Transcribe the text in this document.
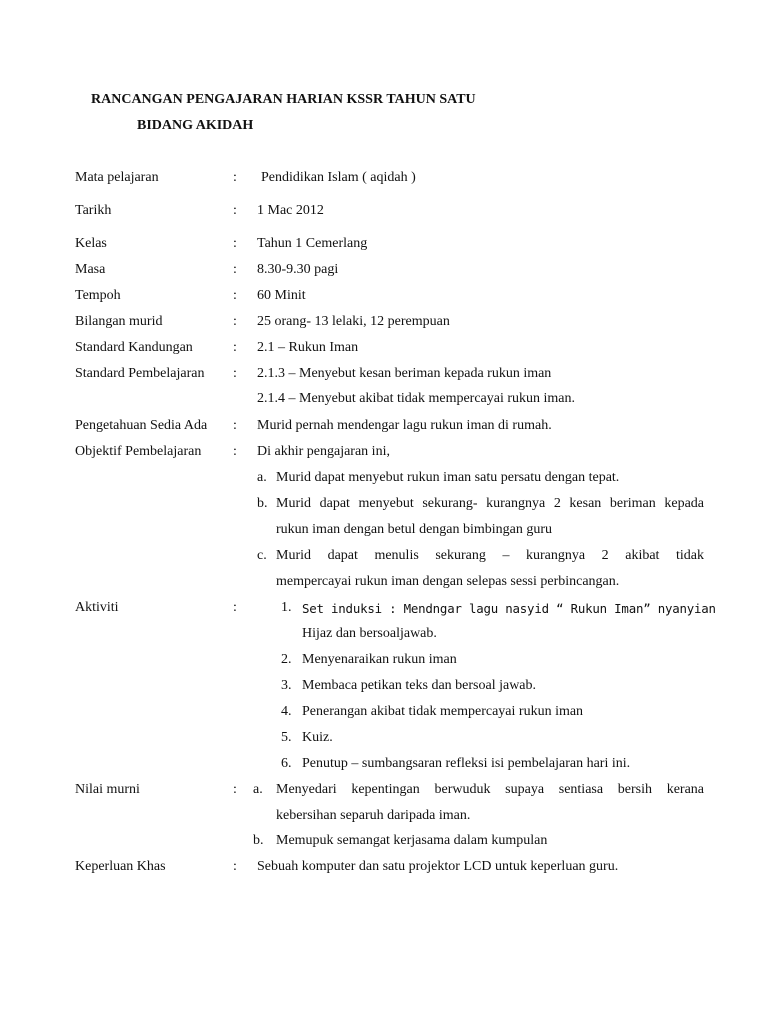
RANCANGAN PENGAJARAN HARIAN KSSR TAHUN SATU
BIDANG AKIDAH
Mata pelajaran	: Pendidikan Islam ( aqidah )
Tarikh	: 1 Mac 2012
Kelas	: Tahun 1 Cemerlang
Masa	: 8.30-9.30 pagi
Tempoh	: 60 Minit
Bilangan murid	: 25 orang- 13 lelaki, 12 perempuan
Standard Kandungan	: 2.1 – Rukun Iman
Standard Pembelajaran : 2.1.3 – Menyebut kesan beriman kepada rukun iman
2.1.4 – Menyebut akibat tidak mempercayai rukun iman.
Pengetahuan Sedia Ada : Murid pernah mendengar lagu rukun iman di rumah.
Objektif Pembelajaran : Di akhir pengajaran ini,
a. Murid dapat menyebut rukun iman satu persatu dengan tepat.
b. Murid dapat menyebut sekurang- kurangnya 2 kesan beriman kepada
rukun iman dengan betul dengan bimbingan guru
c. Murid dapat menulis sekurang – kurangnya 2 akibat tidak
mempercayai rukun iman dengan selepas sessi perbincangan.
Aktiviti	:	1. Set induksi : Mendngar lagu nasyid “ Rukun Iman” nyanyian
Hijaz dan bersoaljawab.
2. Menyenaraikan rukun iman
3. Membaca petikan teks dan bersoal jawab.
4. Penerangan akibat tidak mempercayai rukun iman
5. Kuiz.
6. Penutup – sumbangsaran refleksi isi pembelajaran hari ini.
Nilai murni	: a. Menyedari kepentingan berwuduk supaya sentiasa bersih kerana
kebersihan separuh daripada iman.
b. Memupuk semangat kerjasama dalam kumpulan
Keperluan Khas	: Sebuah komputer dan satu projektor LCD untuk keperluan guru.
